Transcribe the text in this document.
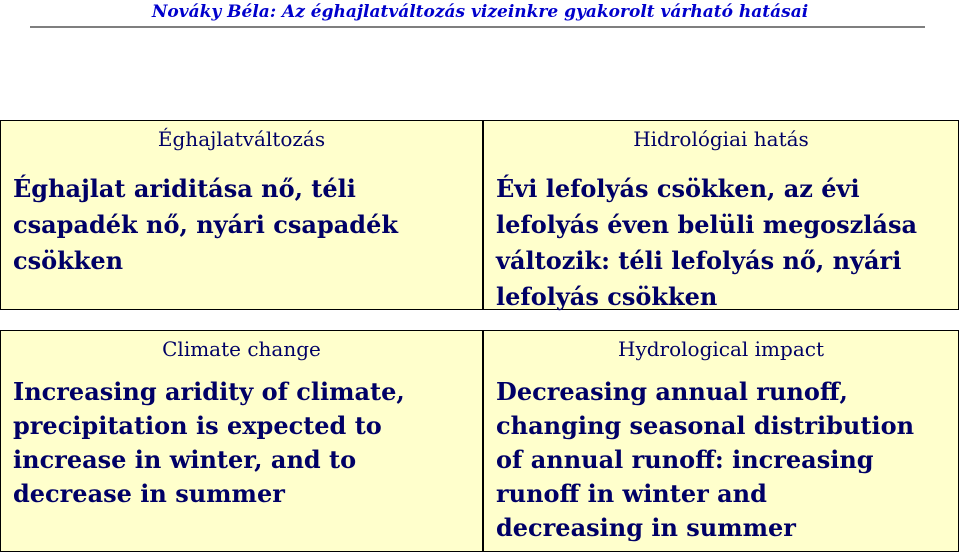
Nováky Béla: Az éghajlatváltozás vizeinkre gyakorolt várható hatásai
Éghajlatváltozás
Éghajlat ariditása nő, téli
csapadék nő, nyári csapadék
csökken
Hidrológiai hatás
Évi lefolyás csökken, az évi
lefolyás éven belüli megoszlása
változik: téli lefolyás nő, nyári
lefolyás csökken
Climate change
Increasing aridity of climate,
precipitation is expected to
increase in winter, and to
decrease in summer
Hydrological impact
Decreasing annual runoff,
changing seasonal distribution
of annual runoff: increasing
runoff in winter and
decreasing in summer
